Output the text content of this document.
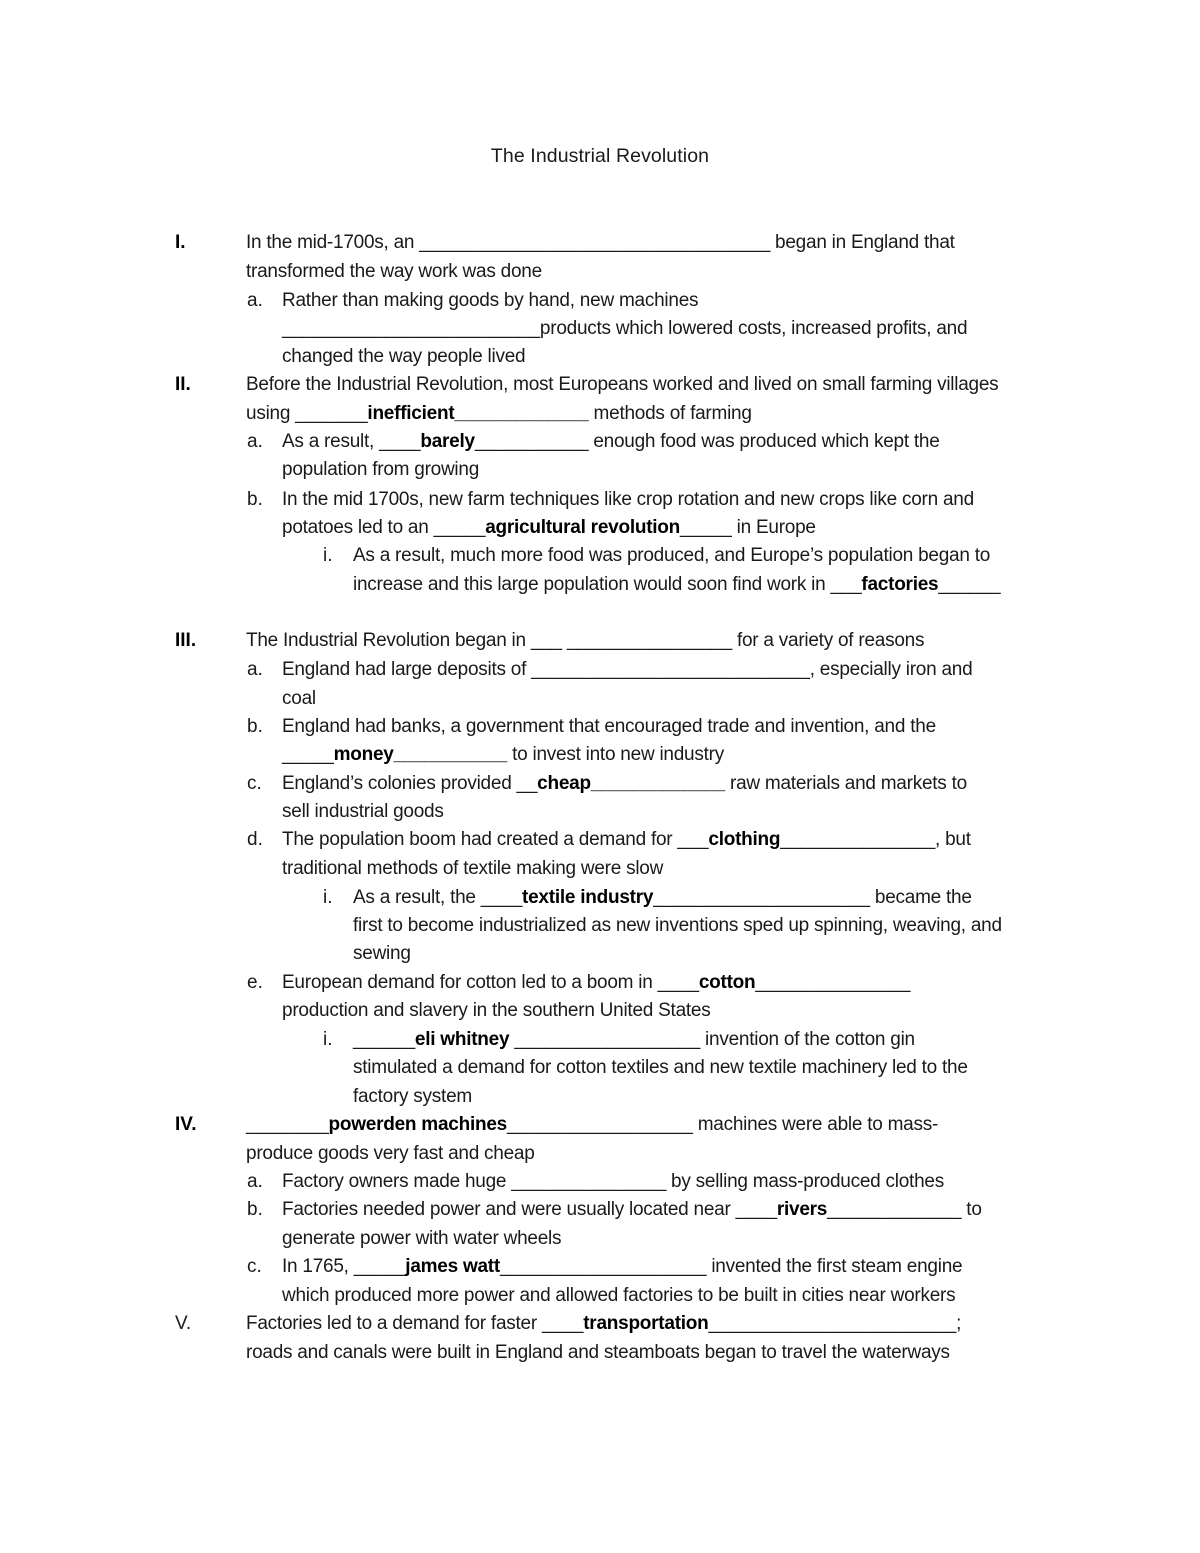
The Industrial Revolution
I.	In the mid-1700s, an __________________________________ began in England that
transformed the way work was done
a. Rather than making goods by hand, new machines
_________________________products which lowered costs, increased profits, and
changed the way people lived
II.	Before the Industrial Revolution, most Europeans worked and lived on small farming villages
using _______inefficient_____________ methods of farming
a. As a result, ____barely___________ enough food was produced which kept the
population from growing
b. In the mid 1700s, new farm techniques like crop rotation and new crops like corn and
potatoes led to an _____agricultural revolution_____ in Europe
i. As a result, much more food was produced, and Europe’s population began to
increase and this large population would soon find work in ___factories______
III.	The Industrial Revolution began in ___ ________________ for a variety of reasons
a. England had large deposits of ___________________________, especially iron and
coal
b. England had banks, a government that encouraged trade and invention, and the
_____money___________ to invest into new industry
c. England’s colonies provided __cheap_____________ raw materials and markets to
sell industrial goods
d. The population boom had created a demand for ___clothing_______________, but
traditional methods of textile making were slow
i. As a result, the ____textile industry_____________________ became the
first to become industrialized as new inventions sped up spinning, weaving, and
sewing
e. European demand for cotton led to a boom in ____cotton_______________
production and slavery in the southern United States
i. ______eli whitney __________________ invention of the cotton gin
stimulated a demand for cotton textiles and new textile machinery led to the
factory system
IV.	________powerden machines__________________ machines were able to mass-
produce goods very fast and cheap
a. Factory owners made huge _______________ by selling mass-produced clothes
b. Factories needed power and were usually located near ____rivers_____________ to
generate power with water wheels
c. In 1765, _____james watt____________________ invented the first steam engine
which produced more power and allowed factories to be built in cities near workers
V.	Factories led to a demand for faster ____transportation________________________;
roads and canals were built in England and steamboats began to travel the waterways
